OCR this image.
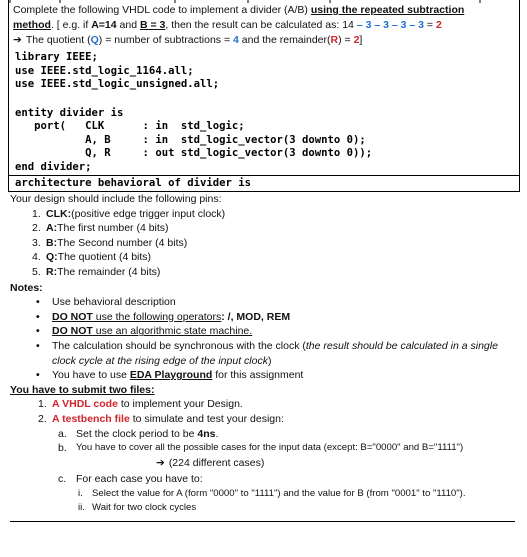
Complete the following VHDL code to implement a divider (A/B) using the repeated subtraction
method. [ e.g. if A=14 and B = 3, then the result can be calculated as: 14 – 3 – 3 – 3 – 3 = 2
➔ The quotient (Q) = number of subtractions = 4 and the remainder(R) = 2]
library IEEE;
use IEEE.std_logic_1164.all;
use IEEE.std_logic_unsigned.all;
entity divider is
port(   CLK      : in  std_logic;
A, B     : in  std_logic_vector(3 downto 0);
Q, R     : out std_logic_vector(3 downto 0));
end divider;
architecture behavioral of divider is
Your design should include the following pins:
1. CLK: (positive edge trigger input clock)
2. A: The first number (4 bits)
3. B: The Second number (4 bits)
4. Q: The quotient (4 bits)
5. R: The remainder (4 bits)
Notes:
•	Use behavioral description
•	DO NOT use the following operators: /, MOD, REM
•	DO NOT use an algorithmic state machine.
•	The calculation should be synchronous with the clock (the result should be calculated in a single clock cycle at the rising edge of the input clock)
•	You have to use EDA Playground for this assignment
You have to submit two files:
1. A VHDL code to implement your Design.
2. A testbench file to simulate and test your design:
a. Set the clock period to be 4ns.
b. You have to cover all the possible cases for the input data (except: B="0000" and B="1111")
➔ (224 different cases)
c. For each case you have to:
i. Select the value for A (form "0000" to "1111") and the value for B (from "0001" to "1110").
ii. Wait for two clock cycles
